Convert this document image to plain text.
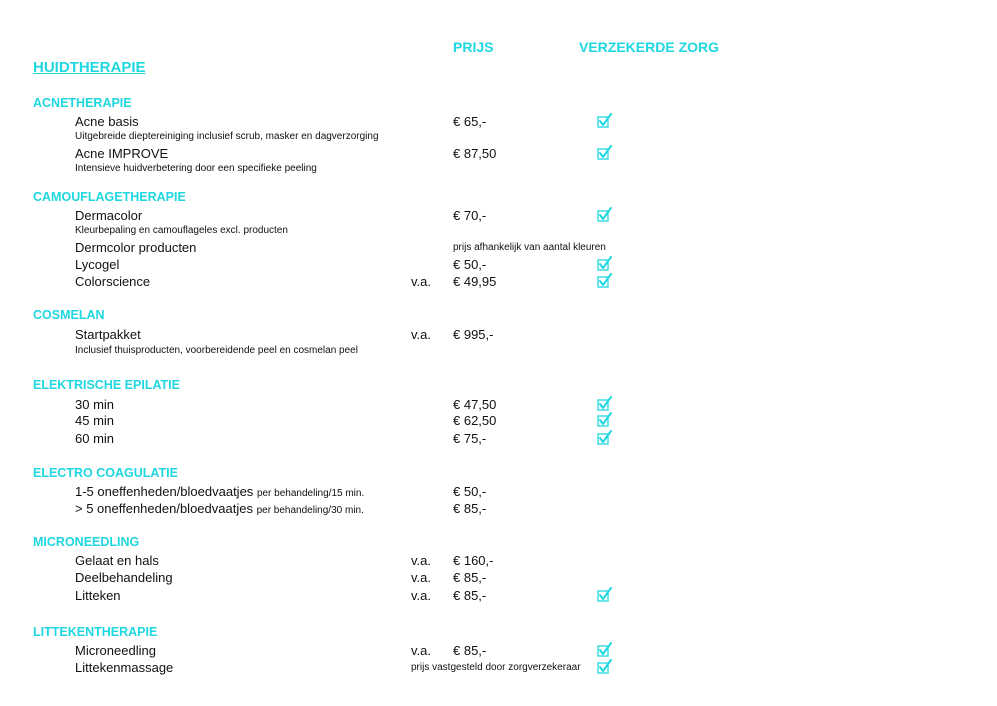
PRIJS	VERZEKERDE ZORG
HUIDTHERAPIE
ACNETHERAPIE
Acne basis	€ 65,-
Uitgebreide dieptereiniging inclusief scrub, masker en dagverzorging
Acne IMPROVE	€ 87,50
Intensieve huidverbetering door een specifieke peeling
CAMOUFLAGETHERAPIE
Dermacolor	€ 70,-
Kleurbepaling en camouflageles excl. producten
Dermcolor producten	prijs afhankelijk van aantal kleuren
Lycogel	€ 50,-
Colorscience	v.a. € 49,95
COSMELAN
Startpakket	v.a. € 995,-
Inclusief thuisproducten, voorbereidende peel en cosmelan peel
ELEKTRISCHE EPILATIE
30 min	€ 47,50
45 min	€ 62,50
60 min	€ 75,-
ELECTRO COAGULATIE
1-5 oneffenheden/bloedvaatjes per behandeling/15 min.	€ 50,-
> 5 oneffenheden/bloedvaatjes per behandeling/30 min.	€ 85,-
MICRONEEDLING
Gelaat en hals	v.a. € 160,-
Deelbehandeling	v.a. € 85,-
Litteken	v.a. € 85,-
LITTEKENTHERAPIE
Microneedling	v.a. € 85,-
Littekenmassage	prijs vastgesteld door zorgverzekeraar
